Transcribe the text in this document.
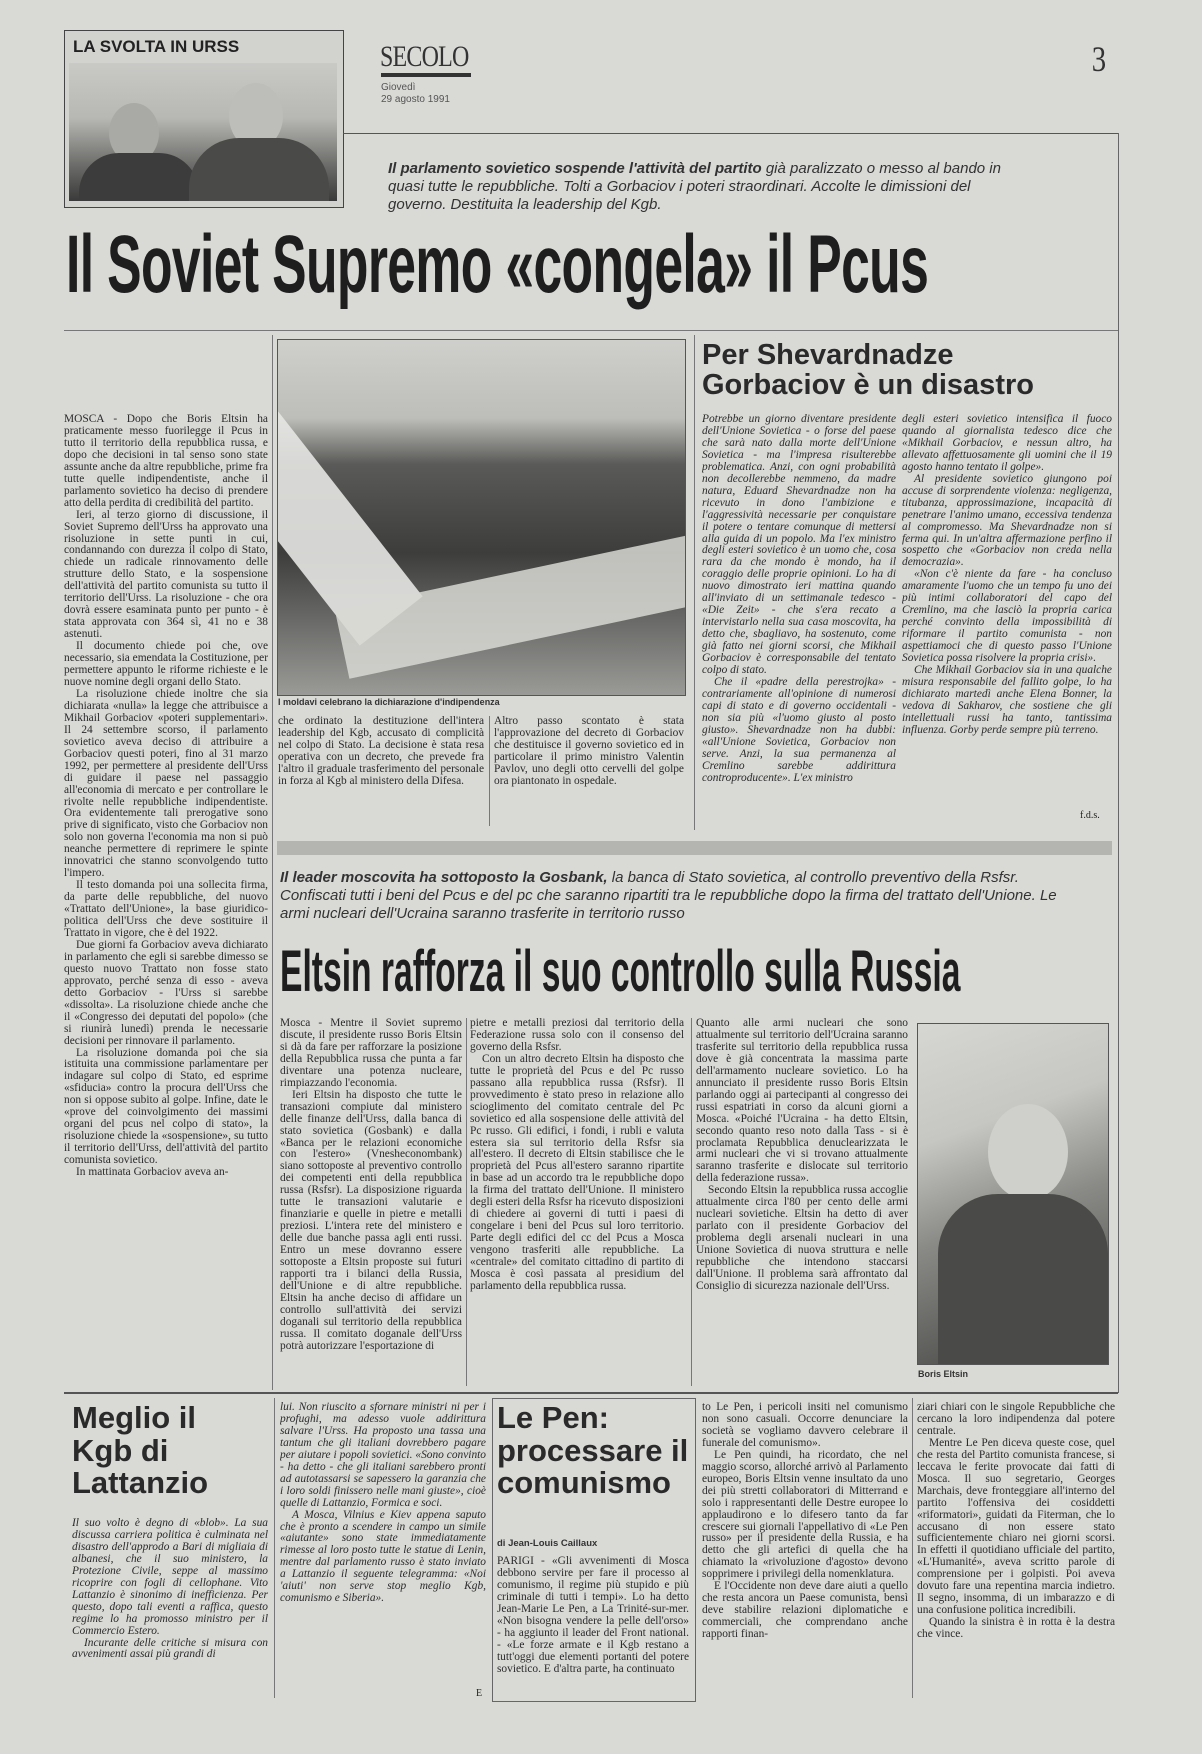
LA SVOLTA IN URSS	SECOLO
Giovedì
29 agosto 1991
3
Il parlamento sovietico sospende l'attività del partito già paralizzato o messo al bando in quasi tutte le repubbliche. Tolti a Gorbaciov i poteri straordinari. Accolte le dimissioni del governo. Destituita la leadership del Kgb.
Il Soviet Supremo «congela» il Pcus

MOSCA - Dopo che Boris Eltsin ha praticamente messo fuorilegge il Pcus in tutto il territorio della repubblica russa, e dopo che decisioni in tal senso sono state assunte anche da altre repubbliche, prime fra tutte quelle indipendentiste, anche il parlamento sovietico ha deciso di prendere atto della perdita di credibilità del partito.

Ieri, al terzo giorno di discussione, il Soviet Supremo dell'Urss ha approvato una risoluzione in sette punti in cui, condannando con durezza il colpo di Stato, chiede un radicale rinnovamento delle strutture dello Stato, e la sospensione dell'attività del partito comunista su tutto il territorio dell'Urss. La risoluzione - che ora dovrà essere esaminata punto per punto - è stata approvata con 364 sì, 41 no e 38 astenuti.

Il documento chiede poi che, ove necessario, sia emendata la Costituzione, per permettere appunto le riforme richieste e le nuove nomine degli organi dello Stato.

La risoluzione chiede inoltre che sia dichiarata «nulla» la legge che attribuisce a Mikhail Gorbaciov «poteri supplementari». Il 24 settembre scorso, il parlamento sovietico aveva deciso di attribuire a Gorbaciov questi poteri, fino al 31 marzo 1992, per permettere al presidente dell'Urss di guidare il paese nel passaggio all'economia di mercato e per controllare le rivolte nelle repubbliche indipendentiste. Ora evidentemente tali prerogative sono prive di significato, visto che Gorbaciov non solo non governa l'economia ma non si può neanche permettere di reprimere le spinte innovatrici che stanno sconvolgendo tutto l'impero.

Il testo domanda poi una sollecita firma, da parte delle repubbliche, del nuovo «Trattato dell'Unione», la base giuridico-politica dell'Urss che deve sostituire il Trattato in vigore, che è del 1922.

Due giorni fa Gorbaciov aveva dichiarato in parlamento che egli si sarebbe dimesso se questo nuovo Trattato non fosse stato approvato, perché senza di esso - aveva detto Gorbaciov - l'Urss si sarebbe «dissolta». La risoluzione chiede anche che il «Congresso dei deputati del popolo» (che si riunirà lunedì) prenda le necessarie decisioni per rinnovare il parlamento.

La risoluzione domanda poi che sia istituita una commissione parlamentare per indagare sul colpo di Stato, ed esprime «sfiducia» contro la procura dell'Urss che non si oppose subito al golpe. Infine, date le «prove del coinvolgimento dei massimi organi del pcus nel colpo di stato», la risoluzione chiede la «sospensione», su tutto il territorio dell'Urss, dell'attività del partito comunista sovietico.

In mattinata Gorbaciov aveva an-

I moldavi celebrano la dichiarazione d'indipendenza

che ordinato la destituzione dell'intera leadership del Kgb, accusato di complicità nel colpo di Stato. La decisione è stata resa operativa con un decreto, che prevede fra l'altro il graduale trasferimento del personale in forza al Kgb al ministero della Difesa.

Altro passo scontato è stata l'approvazione del decreto di Gorbaciov che destituisce il governo sovietico ed in particolare il primo ministro Valentin Pavlov, uno degli otto cervelli del golpe ora piantonato in ospedale.

Per Shevardnadze Gorbaciov è un disastro

Potrebbe un giorno diventare presidente dell'Unione Sovietica - o forse del paese che sarà nato dalla morte dell'Unione Sovietica - ma l'impresa risulterebbe problematica. Anzi, con ogni probabilità non decollerebbe nemmeno, da madre natura, Eduard Shevardnadze non ha ricevuto in dono l'ambizione e l'aggressività necessarie per conquistare il potere o tentare comunque di mettersi alla guida di un popolo. Ma l'ex ministro degli esteri sovietico è un uomo che, cosa rara da che mondo è mondo, ha il coraggio delle proprie opinioni. Lo ha di nuovo dimostrato ieri mattina quando all'inviato di un settimanale tedesco - «Die Zeit» - che s'era recato a intervistarlo nella sua casa moscovita, ha detto che, sbagliavo, ha sostenuto, come già fatto nei giorni scorsi, che Mikhail Gorbaciov è corresponsabile del tentato colpo di stato.

Che il «padre della perestrojka» - contrariamente all'opinione di numerosi capi di stato e di governo occidentali - non sia più «l'uomo giusto al posto giusto». Shevardnadze non ha dubbi: «all'Unione Sovietica, Gorbaciov non serve. Anzi, la sua permanenza al Cremlino sarebbe addirittura controproducente». L'ex ministro

degli esteri sovietico intensifica il fuoco quando al giornalista tedesco dice che «Mikhail Gorbaciov, e nessun altro, ha allevato affettuosamente gli uomini che il 19 agosto hanno tentato il golpe».

Al presidente sovietico giungono poi accuse di sorprendente violenza: negligenza, titubanza, approssimazione, incapacità di penetrare l'animo umano, eccessiva tendenza al compromesso. Ma Shevardnadze non si ferma qui. In un'altra affermazione perfino il sospetto che «Gorbaciov non creda nella democrazia».

«Non c'è niente da fare - ha concluso amaramente l'uomo che un tempo fu uno dei più intimi collaboratori del capo del Cremlino, ma che lasciò la propria carica perché convinto della impossibilità di riformare il partito comunista - non aspettiamoci che di questo passo l'Unione Sovietica possa risolvere la propria crisi».

Che Mikhail Gorbaciov sia in una qualche misura responsabile del fallito golpe, lo ha dichiarato martedì anche Elena Bonner, la vedova di Sakharov, che sostiene che gli intellettuali russi ha tanto, tantissima influenza. Gorby perde sempre più terreno.

f.d.s.
Il leader moscovita ha sottoposto la Gosbank, la banca di Stato sovietica, al controllo preventivo della Rsfsr. Confiscati tutti i beni del Pcus e del pc che saranno ripartiti tra le repubbliche dopo la firma del trattato dell'Unione. Le armi nucleari dell'Ucraina saranno trasferite in territorio russo
Eltsin rafforza il suo controllo sulla Russia

Mosca - Mentre il Soviet supremo discute, il presidente russo Boris Eltsin si dà da fare per rafforzare la posizione della Repubblica russa che punta a far diventare una potenza nucleare, rimpiazzando l'economia.

Ieri Eltsin ha disposto che tutte le transazioni compiute dal ministero delle finanze dell'Urss, dalla banca di stato sovietica (Gosbank) e dalla «Banca per le relazioni economiche con l'estero» (Vnesheconombank) siano sottoposte al preventivo controllo dei competenti enti della repubblica russa (Rsfsr). La disposizione riguarda tutte le transazioni valutarie e finanziarie e quelle in pietre e metalli preziosi. L'intera rete del ministero e delle due banche passa agli enti russi. Entro un mese dovranno essere sottoposte a Eltsin proposte sui futuri rapporti tra i bilanci della Russia, dell'Unione e di altre repubbliche. Eltsin ha anche deciso di affidare un controllo sull'attività dei servizi doganali sul territorio della repubblica russa. Il comitato doganale dell'Urss potrà autorizzare l'esportazione di

pietre e metalli preziosi dal territorio della Federazione russa solo con il consenso del governo della Rsfsr.

Con un altro decreto Eltsin ha disposto che tutte le proprietà del Pcus e del Pc russo passano alla repubblica russa (Rsfsr). Il provvedimento è stato preso in relazione allo scioglimento del comitato centrale del Pc sovietico ed alla sospensione delle attività del Pc russo. Gli edifici, i fondi, i rubli e valuta estera sia sul territorio della Rsfsr sia all'estero. Il decreto di Eltsin stabilisce che le proprietà del Pcus all'estero saranno ripartite in base ad un accordo tra le repubbliche dopo la firma del trattato dell'Unione. Il ministero degli esteri della Rsfsr ha ricevuto disposizioni di chiedere ai governi di tutti i paesi di congelare i beni del Pcus sul loro territorio. Parte degli edifici del cc del Pcus a Mosca vengono trasferiti alle repubbliche. La «centrale» del comitato cittadino di partito di Mosca è così passata al presidium del parlamento della repubblica russa.

Quanto alle armi nucleari che sono attualmente sul territorio dell'Ucraina saranno trasferite sul territorio della repubblica russa dove è già concentrata la massima parte dell'armamento nucleare sovietico. Lo ha annunciato il presidente russo Boris Eltsin parlando oggi ai partecipanti al congresso dei russi espatriati in corso da alcuni giorni a Mosca. «Poiché l'Ucraina - ha detto Eltsin, secondo quanto reso noto dalla Tass - si è proclamata Repubblica denuclearizzata le armi nucleari che vi si trovano attualmente saranno trasferite e dislocate sul territorio della federazione russa».

Secondo Eltsin la repubblica russa accoglie attualmente circa l'80 per cento delle armi nucleari sovietiche. Eltsin ha detto di aver parlato con il presidente Gorbaciov del problema degli arsenali nucleari in una Unione Sovietica di nuova struttura e nelle repubbliche che intendono staccarsi dall'Unione. Il problema sarà affrontato dal Consiglio di sicurezza nazionale dell'Urss.

Boris Eltsin
Meglio il Kgb di Lattanzio

Il suo volto è degno di «blob». La sua discussa carriera politica è culminata nel disastro dell'approdo a Bari di migliaia di albanesi, che il suo ministero, la Protezione Civile, seppe al massimo ricoprire con fogli di cellophane. Vito Lattanzio è sinonimo di inefficienza. Per questo, dopo tali eventi a raffica, questo regime lo ha promosso ministro per il Commercio Estero.

Incurante delle critiche si misura con avvenimenti assai più grandi di

lui. Non riuscito a sfornare ministri ni per i profughi, ma adesso vuole addirittura salvare l'Urss. Ha proposto una tassa una tantum che gli italiani dovrebbero pagare per aiutare i popoli sovietici. «Sono convinto - ha detto - che gli italiani sarebbero pronti ad autotassarsi se sapessero la garanzia che i loro soldi finissero nelle mani giuste», cioè quelle di Lattanzio, Formica e soci.

A Mosca, Vilnius e Kiev appena saputo che è pronto a scendere in campo un simile «aiutante» sono state immediatamente rimesse al loro posto tutte le statue di Lenin, mentre dal parlamento russo è stato inviato a Lattanzio il seguente telegramma: «Noi 'aiuti' non serve stop meglio Kgb, comunismo e Siberia».

E
Le Pen: processare il comunismo
di Jean-Louis Caillaux

PARIGI - «Gli avvenimenti di Mosca debbono servire per fare il processo al comunismo, il regime più stupido e più criminale di tutti i tempi». Lo ha detto Jean-Marie Le Pen, a La Trinité-sur-mer. «Non bisogna vendere la pelle dell'orso» - ha aggiunto il leader del Front national. - «Le forze armate e il Kgb restano a tutt'oggi due elementi portanti del potere sovietico. E d'altra parte, ha continuato

to Le Pen, i pericoli insiti nel comunismo non sono casuali. Occorre denunciare la società se vogliamo davvero celebrare il funerale del comunismo».

Le Pen quindi, ha ricordato, che nel maggio scorso, allorché arrivò al Parlamento europeo, Boris Eltsin venne insultato da uno dei più stretti collaboratori di Mitterrand e solo i rappresentanti delle Destre europee lo applaudirono e lo difesero tanto da far crescere sui giornali l'appellativo di «Le Pen russo» per il presidente della Russia, e ha detto che gli artefici di quella che ha chiamato la «rivoluzione d'agosto» devono sopprimere i privilegi della nomenklatura.

E l'Occidente non deve dare aiuti a quello che resta ancora un Paese comunista, bensì deve stabilire relazioni diplomatiche e commerciali, che comprendano anche rapporti finan-

ziari chiari con le singole Repubbliche che cercano la loro indipendenza dal potere centrale.

Mentre Le Pen diceva queste cose, quel che resta del Partito comunista francese, si leccava le ferite provocate dai fatti di Mosca. Il suo segretario, Georges Marchais, deve fronteggiare all'interno del partito l'offensiva dei cosiddetti «riformatori», guidati da Fiterman, che lo accusano di non essere stato sufficientemente chiaro nei giorni scorsi. In effetti il quotidiano ufficiale del partito, «L'Humanité», aveva scritto parole di comprensione per i golpisti. Poi aveva dovuto fare una repentina marcia indietro. Il segno, insomma, di un imbarazzo e di una confusione politica incredibili.

Quando la sinistra è in rotta è la destra che vince.
